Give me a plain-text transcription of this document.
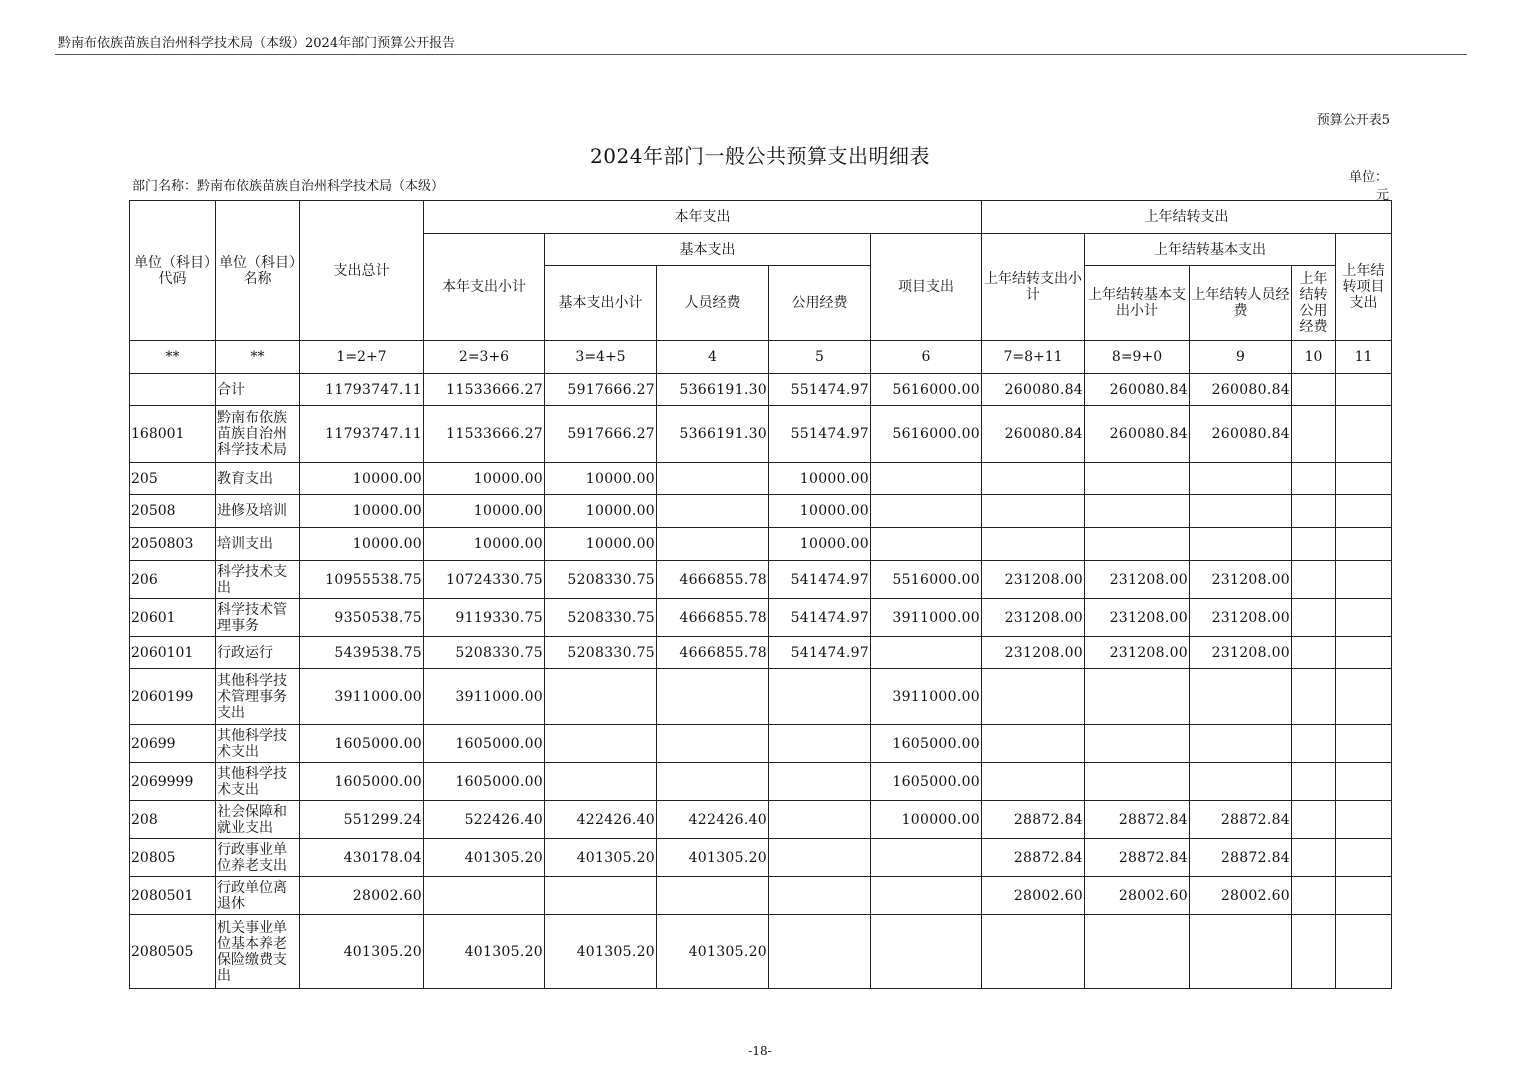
黔南布依族苗族自治州科学技术局（本级）2024年部门预算公开报告
预算公开表5
2024年部门一般公共预算支出明细表
部门名称：黔南布依族苗族自治州科学技术局（本级）
单位：
元
单位（科目）代码	单位（科目）名称	支出总计	本年支出					上年结转支出				
			本年支出小计	基本支出			项目支出	上年结转支出小计	上年结转基本支出			上年结转项目支出
				基本支出小计	人员经费	公用经费			上年结转基本支出小计	上年结转人员经费	上年结转公用经费	
**	**	1=2+7	2=3+6	3=4+5	4	5	6	7=8+11	8=9+0	9	10	11
	合计	11793747.11	11533666.27	5917666.27	5366191.30	551474.97	5616000.00	260080.84	260080.84	260080.84		
168001	黔南布依族苗族自治州科学技术局	11793747.11	11533666.27	5917666.27	5366191.30	551474.97	5616000.00	260080.84	260080.84	260080.84		
205	教育支出	10000.00	10000.00	10000.00		10000.00						
20508	进修及培训	10000.00	10000.00	10000.00		10000.00						
2050803	培训支出	10000.00	10000.00	10000.00		10000.00						
206	科学技术支出	10955538.75	10724330.75	5208330.75	4666855.78	541474.97	5516000.00	231208.00	231208.00	231208.00		
20601	科学技术管理事务	9350538.75	9119330.75	5208330.75	4666855.78	541474.97	3911000.00	231208.00	231208.00	231208.00		
2060101	行政运行	5439538.75	5208330.75	5208330.75	4666855.78	541474.97		231208.00	231208.00	231208.00		
2060199	其他科学技术管理事务支出	3911000.00	3911000.00				3911000.00					
20699	其他科学技术支出	1605000.00	1605000.00				1605000.00					
2069999	其他科学技术支出	1605000.00	1605000.00				1605000.00					
208	社会保障和就业支出	551299.24	522426.40	422426.40	422426.40		100000.00	28872.84	28872.84	28872.84		
20805	行政事业单位养老支出	430178.04	401305.20	401305.20	401305.20			28872.84	28872.84	28872.84		
2080501	行政单位离退休	28002.60						28002.60	28002.60	28002.60		
2080505	机关事业单位基本养老保险缴费支出	401305.20	401305.20	401305.20	401305.20							
-18-
